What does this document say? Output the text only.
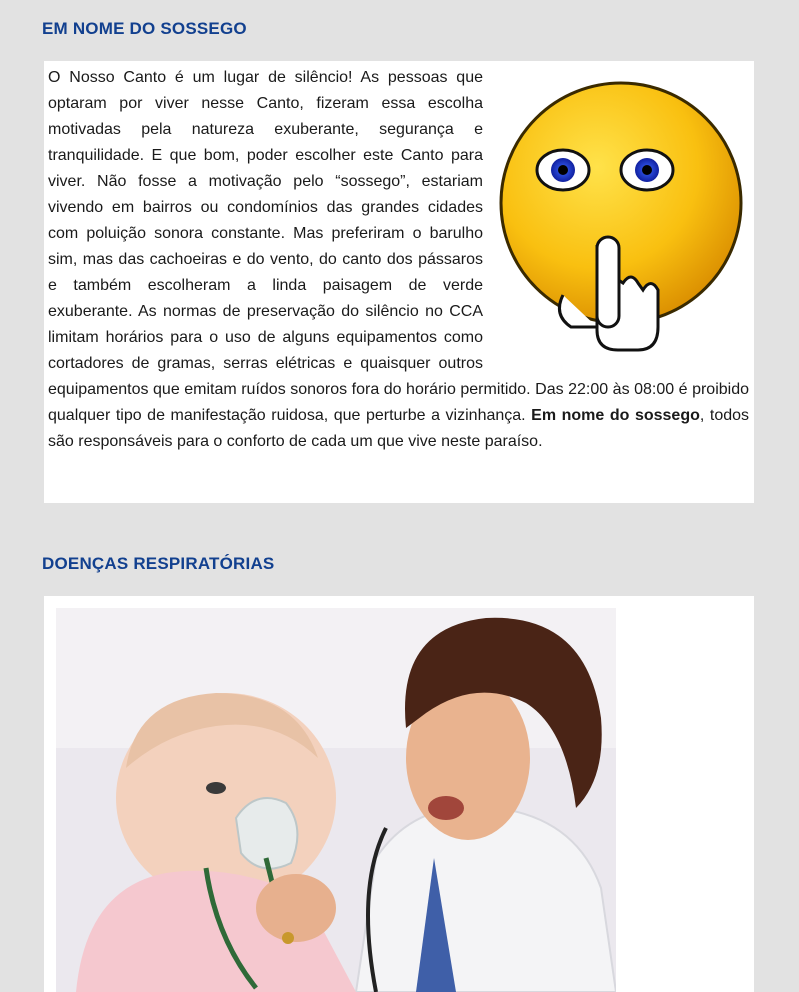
EM NOME DO SOSSEGO

O Nosso Canto é um lugar de silêncio! As pessoas que optaram por viver nesse Canto, fizeram essa escolha motivadas pela natureza exuberante, segurança e tranquilidade. E que bom, poder escolher este Canto para viver. Não fosse a motivação pelo “sossego”, estariam vivendo em bairros ou condomínios das grandes cidades com poluição sonora constante. Mas preferiram o barulho sim, mas das cachoeiras e do vento, do canto dos pássaros e também escolheram a linda paisagem de verde exuberante. As normas de preservação do silêncio no CCA limitam horários para o uso de alguns equipamentos como cortadores de gramas, serras elétricas e quaisquer outros equipamentos que emitam ruídos sonoros fora do horário permitido. Das 22:00 às 08:00 é proibido qualquer tipo de manifestação ruidosa, que perturbe a vizinhança. Em nome do sossego, todos são responsáveis para o conforto de cada um que vive neste paraíso.

DOENÇAS RESPIRATÓRIAS
